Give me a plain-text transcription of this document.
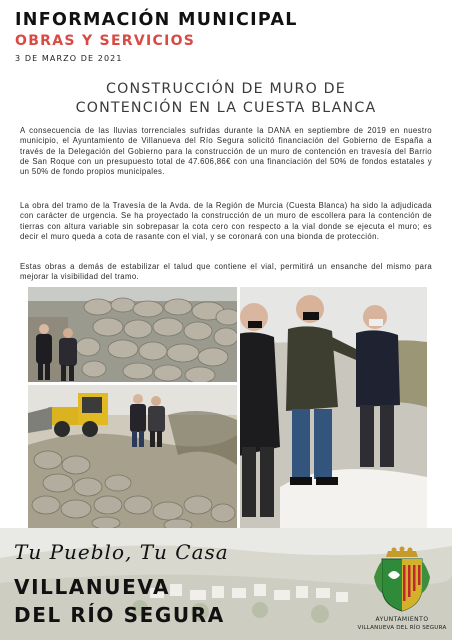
INFORMACIÓN MUNICIPAL
OBRAS Y SERVICIOS
3 DE MARZO DE 2021
CONSTRUCCIÓN DE MURO DE
CONTENCIÓN EN LA CUESTA BLANCA

A consecuencia de las lluvias torrenciales sufridas durante la DANA en septiembre de 2019 en nuestro municipio, el Ayuntamiento de Villanueva del Río Segura solicitó financiación del Gobierno de España a través de la Delegación del Gobierno para la construcción de un muro de contención en travesía del Barrio de San Roque con un presupuesto total de 47.606,86€ con una financiación del 50% de fondos estatales y un 50% de fondo propios municipales.

La obra del tramo de la Travesía de la Avda. de la Región de Murcia (Cuesta Blanca) ha sido la adjudicada con carácter de urgencia. Se ha proyectado la construcción de un muro de escollera para la contención de tierras con altura variable sin sobrepasar la cota cero con respecto a la vial donde se ejecuta el muro; es decir el muro queda a cota de rasante con el vial, y se coronará con una bionda de protección.

Estas obras a demás de estabilizar el talud que contiene el vial, permitirá un ensanche del mismo para mejorar la visibilidad del tramo.

Tu Pueblo, Tu Casa
VILLANUEVA
DEL RÍO SEGURA	AYUNTAMIENTO
VILLANUEVA DEL RÍO SEGURA
